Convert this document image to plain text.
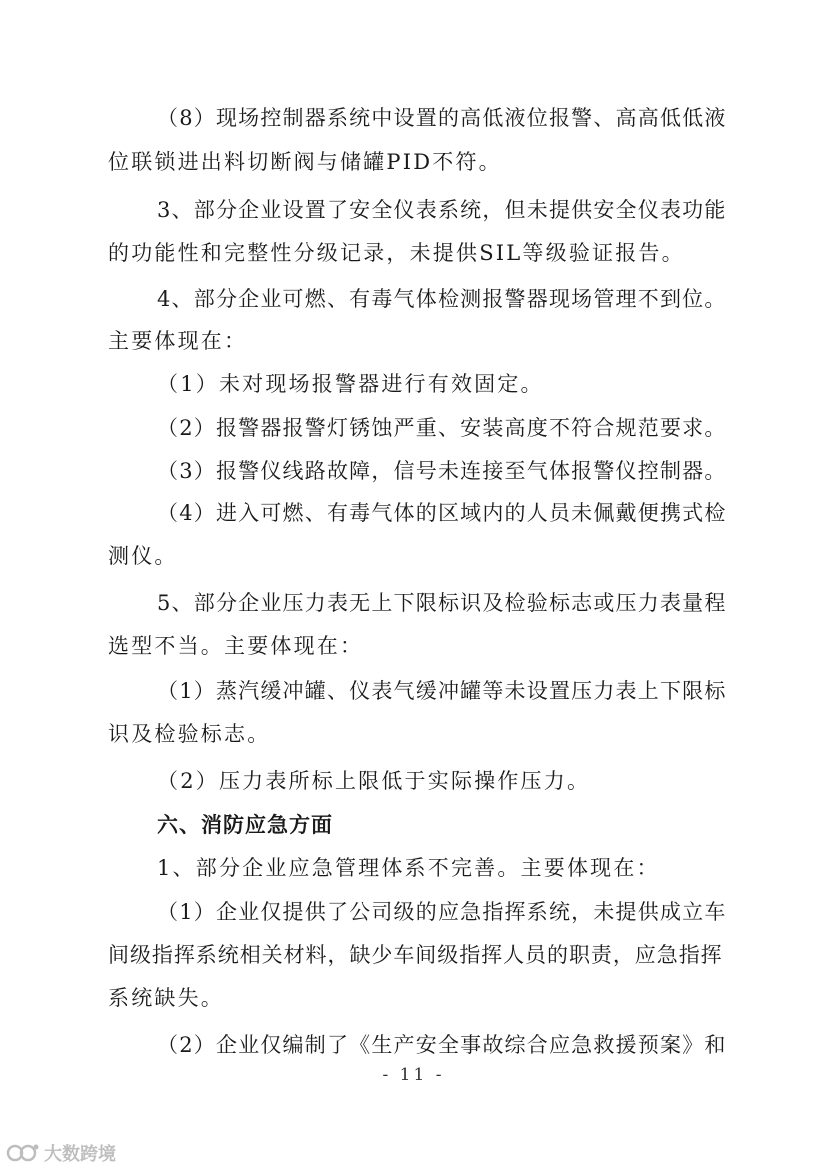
（8）现场控制器系统中设置的高低液位报警、高高低低液
位联锁进出料切断阀与储罐PID不符。
3、部分企业设置了安全仪表系统，但未提供安全仪表功能
的功能性和完整性分级记录，未提供SIL等级验证报告。
4、部分企业可燃、有毒气体检测报警器现场管理不到位。
主要体现在：
（1）未对现场报警器进行有效固定。
（2）报警器报警灯锈蚀严重、安装高度不符合规范要求。
（3）报警仪线路故障，信号未连接至气体报警仪控制器。
（4）进入可燃、有毒气体的区域内的人员未佩戴便携式检
测仪。
5、部分企业压力表无上下限标识及检验标志或压力表量程
选型不当。主要体现在：
（1）蒸汽缓冲罐、仪表气缓冲罐等未设置压力表上下限标
识及检验标志。
（2）压力表所标上限低于实际操作压力。
六、消防应急方面
1、部分企业应急管理体系不完善。主要体现在：
（1）企业仅提供了公司级的应急指挥系统，未提供成立车
间级指挥系统相关材料，缺少车间级指挥人员的职责，应急指挥
系统缺失。
（2）企业仅编制了《生产安全事故综合应急救援预案》和
- 11 -
大数跨境
